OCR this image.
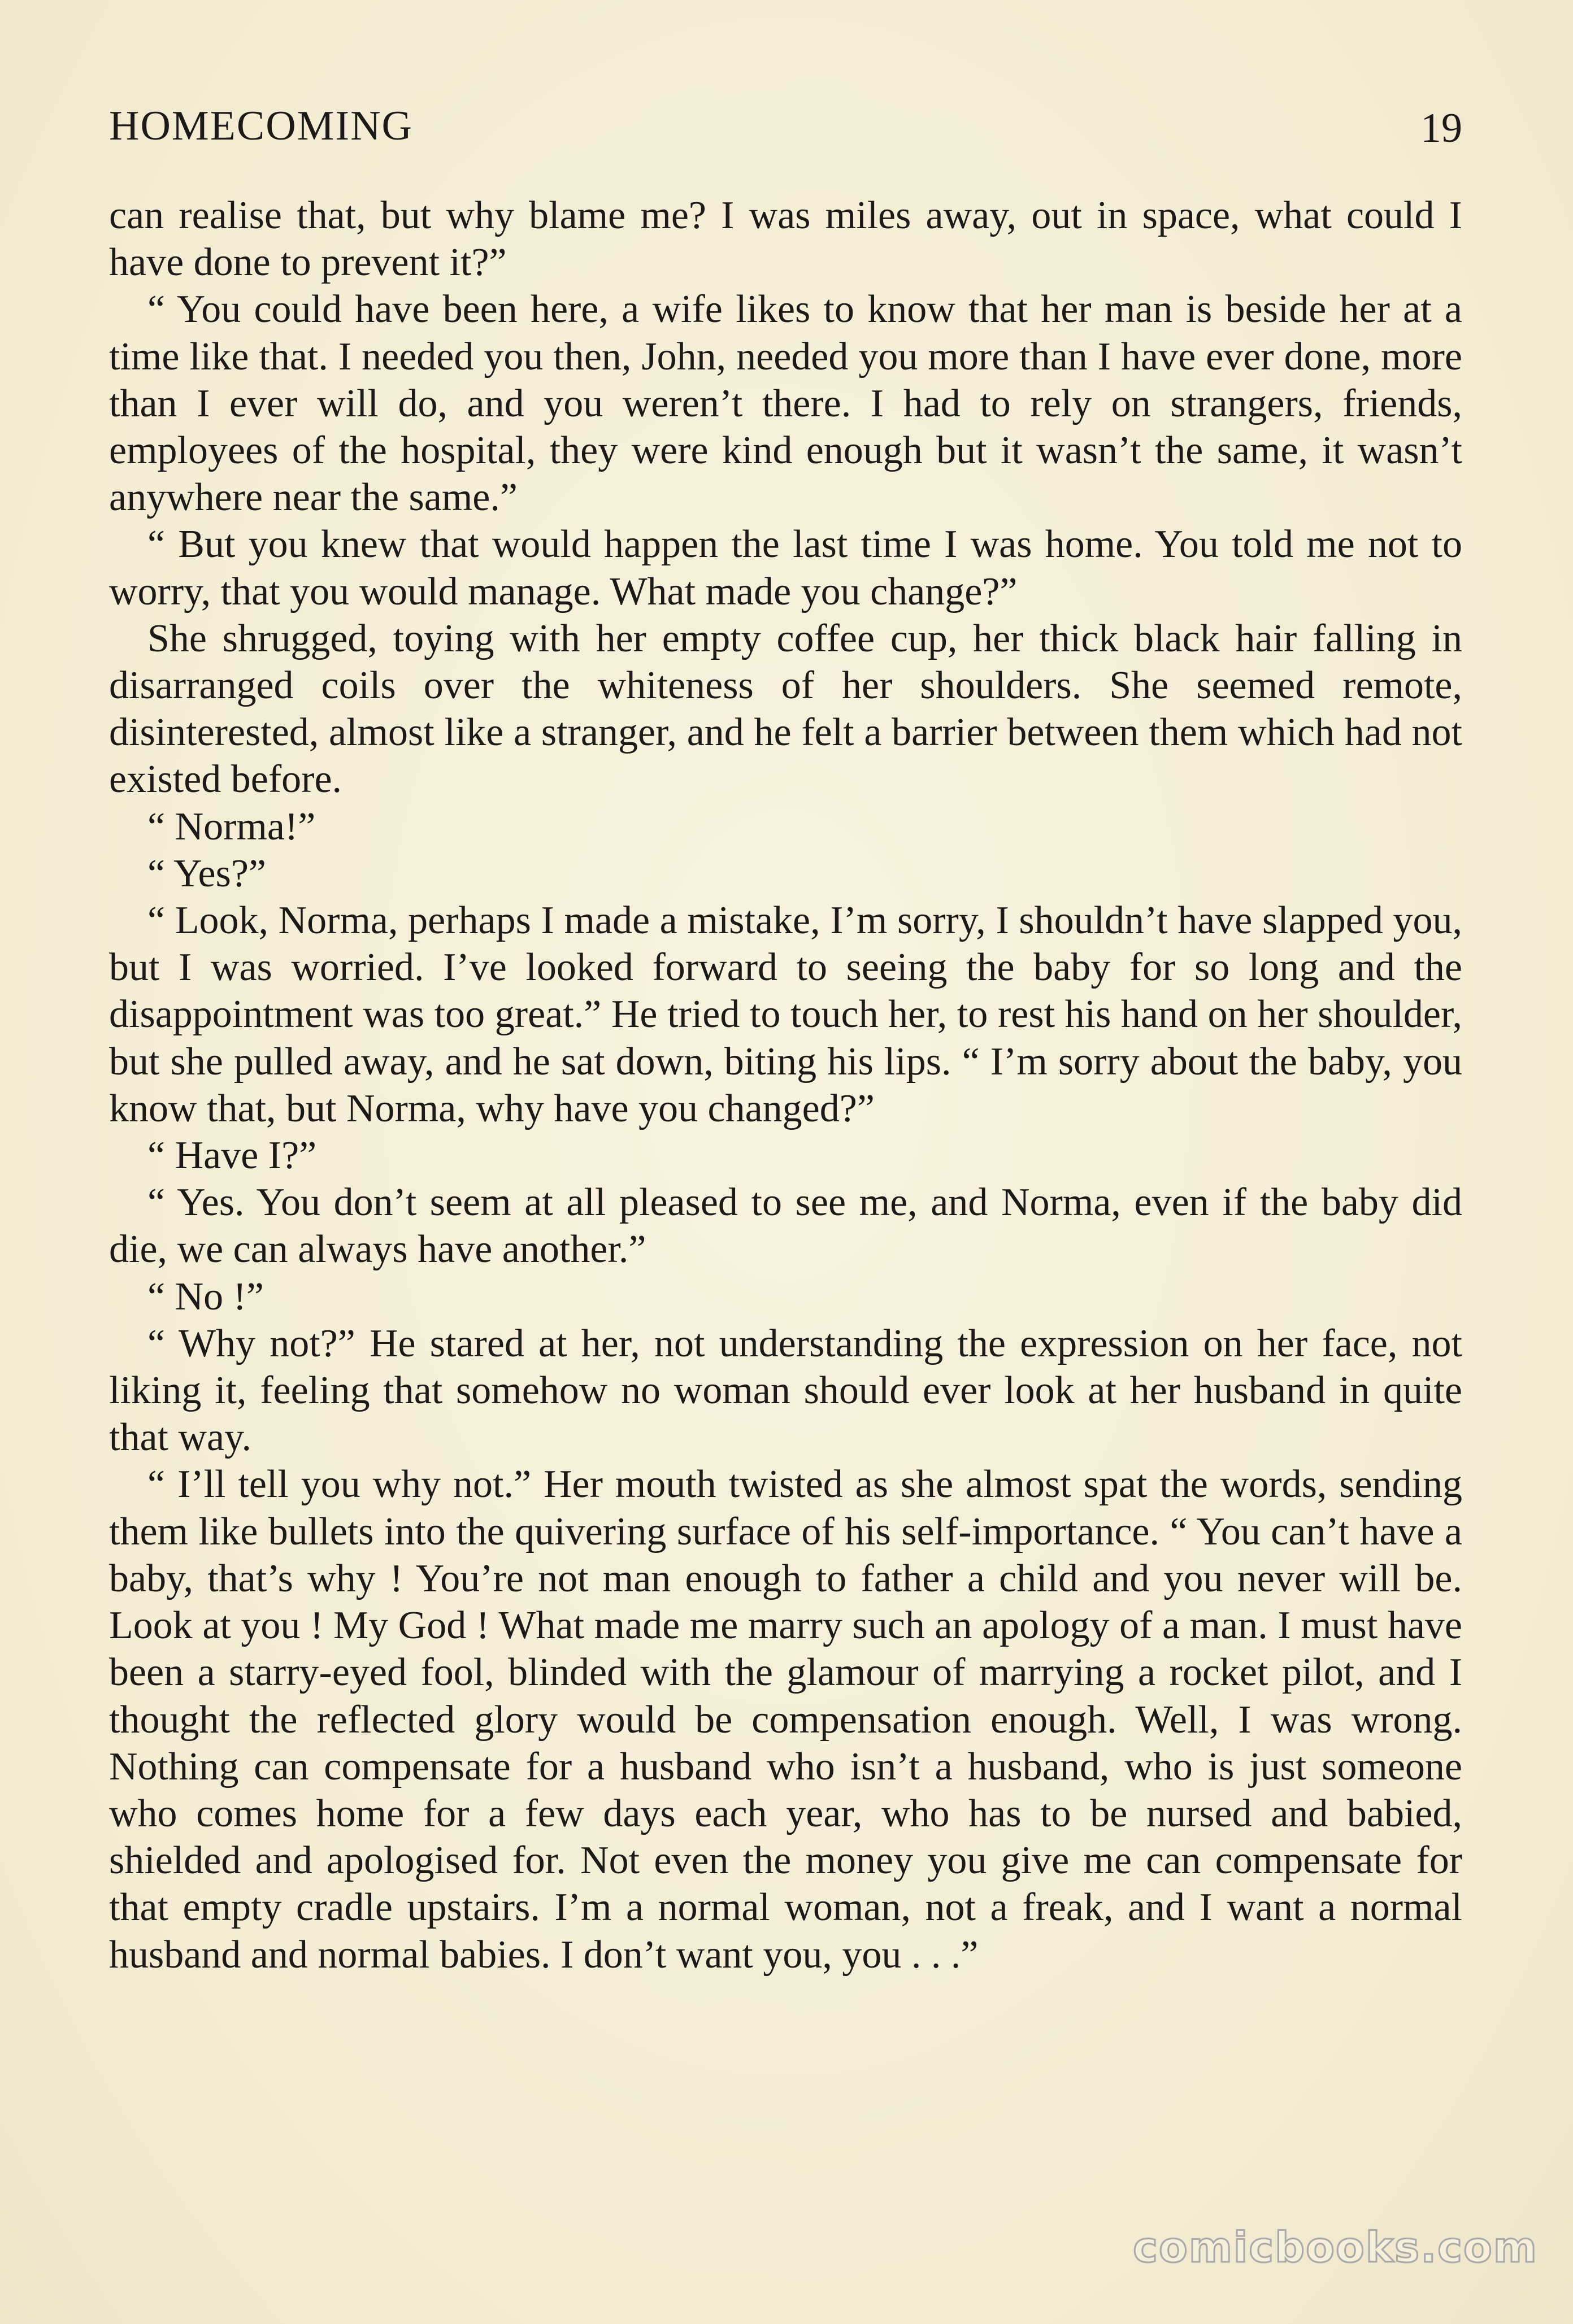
HOMECOMING	19

can realise that, but why blame me? I was miles away, out in space, what could I have done to prevent it?”

“ You could have been here, a wife likes to know that her man is beside her at a time like that. I needed you then, John, needed you more than I have ever done, more than I ever will do, and you weren’t there. I had to rely on strangers, friends, employees of the hospital, they were kind enough but it wasn’t the same, it wasn’t anywhere near the same.”

“ But you knew that would happen the last time I was home. You told me not to worry, that you would manage. What made you change?”

She shrugged, toying with her empty coffee cup, her thick black hair falling in disarranged coils over the whiteness of her shoulders. She seemed remote, disinterested, almost like a stranger, and he felt a barrier between them which had not existed before.

“ Norma!”

“ Yes?”

“ Look, Norma, perhaps I made a mistake, I’m sorry, I shouldn’t have slapped you, but I was worried. I’ve looked forward to seeing the baby for so long and the disappointment was too great.” He tried to touch her, to rest his hand on her shoulder, but she pulled away, and he sat down, biting his lips. “ I’m sorry about the baby, you know that, but Norma, why have you changed?”

“ Have I?”

“ Yes. You don’t seem at all pleased to see me, and Norma, even if the baby did die, we can always have another.”

“ No !”

“ Why not?” He stared at her, not understanding the expression on her face, not liking it, feeling that somehow no woman should ever look at her husband in quite that way.

“ I’ll tell you why not.” Her mouth twisted as she almost spat the words, sending them like bullets into the quivering surface of his self-importance. “ You can’t have a baby, that’s why ! You’re not man enough to father a child and you never will be. Look at you ! My God ! What made me marry such an apology of a man. I must have been a starry-eyed fool, blinded with the glamour of marrying a rocket pilot, and I thought the reflected glory would be compensation enough. Well, I was wrong. Nothing can compensate for a husband who isn’t a husband, who is just someone who comes home for a few days each year, who has to be nursed and babied, shielded and apologised for. Not even the money you give me can compensate for that empty cradle upstairs. I’m a normal woman, not a freak, and I want a normal husband and normal babies. I don’t want you, you . . .”

comicbooks.com
